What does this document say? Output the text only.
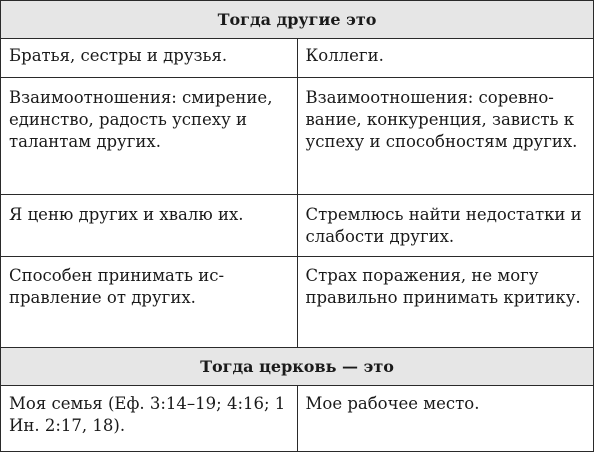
Тогда другие это	
Братья, сестры и друзья.	Коллеги.
Взаимоотношения: смирение, единство, радость успеху и талантам других.	Взаимоотношения: соревнование, конкуренция, зависть к успеху и способностям других.
Я ценю других и хвалю их.	Стремлюсь найти недостатки и слабости других.
Способен принимать исправление от других.	Страх поражения, не могу правильно принимать критику.
Тогда церковь — это	
Моя семья (Еф. 3:14–19; 4:16; 1 Ин. 2:17, 18).	Мое рабочее место.
